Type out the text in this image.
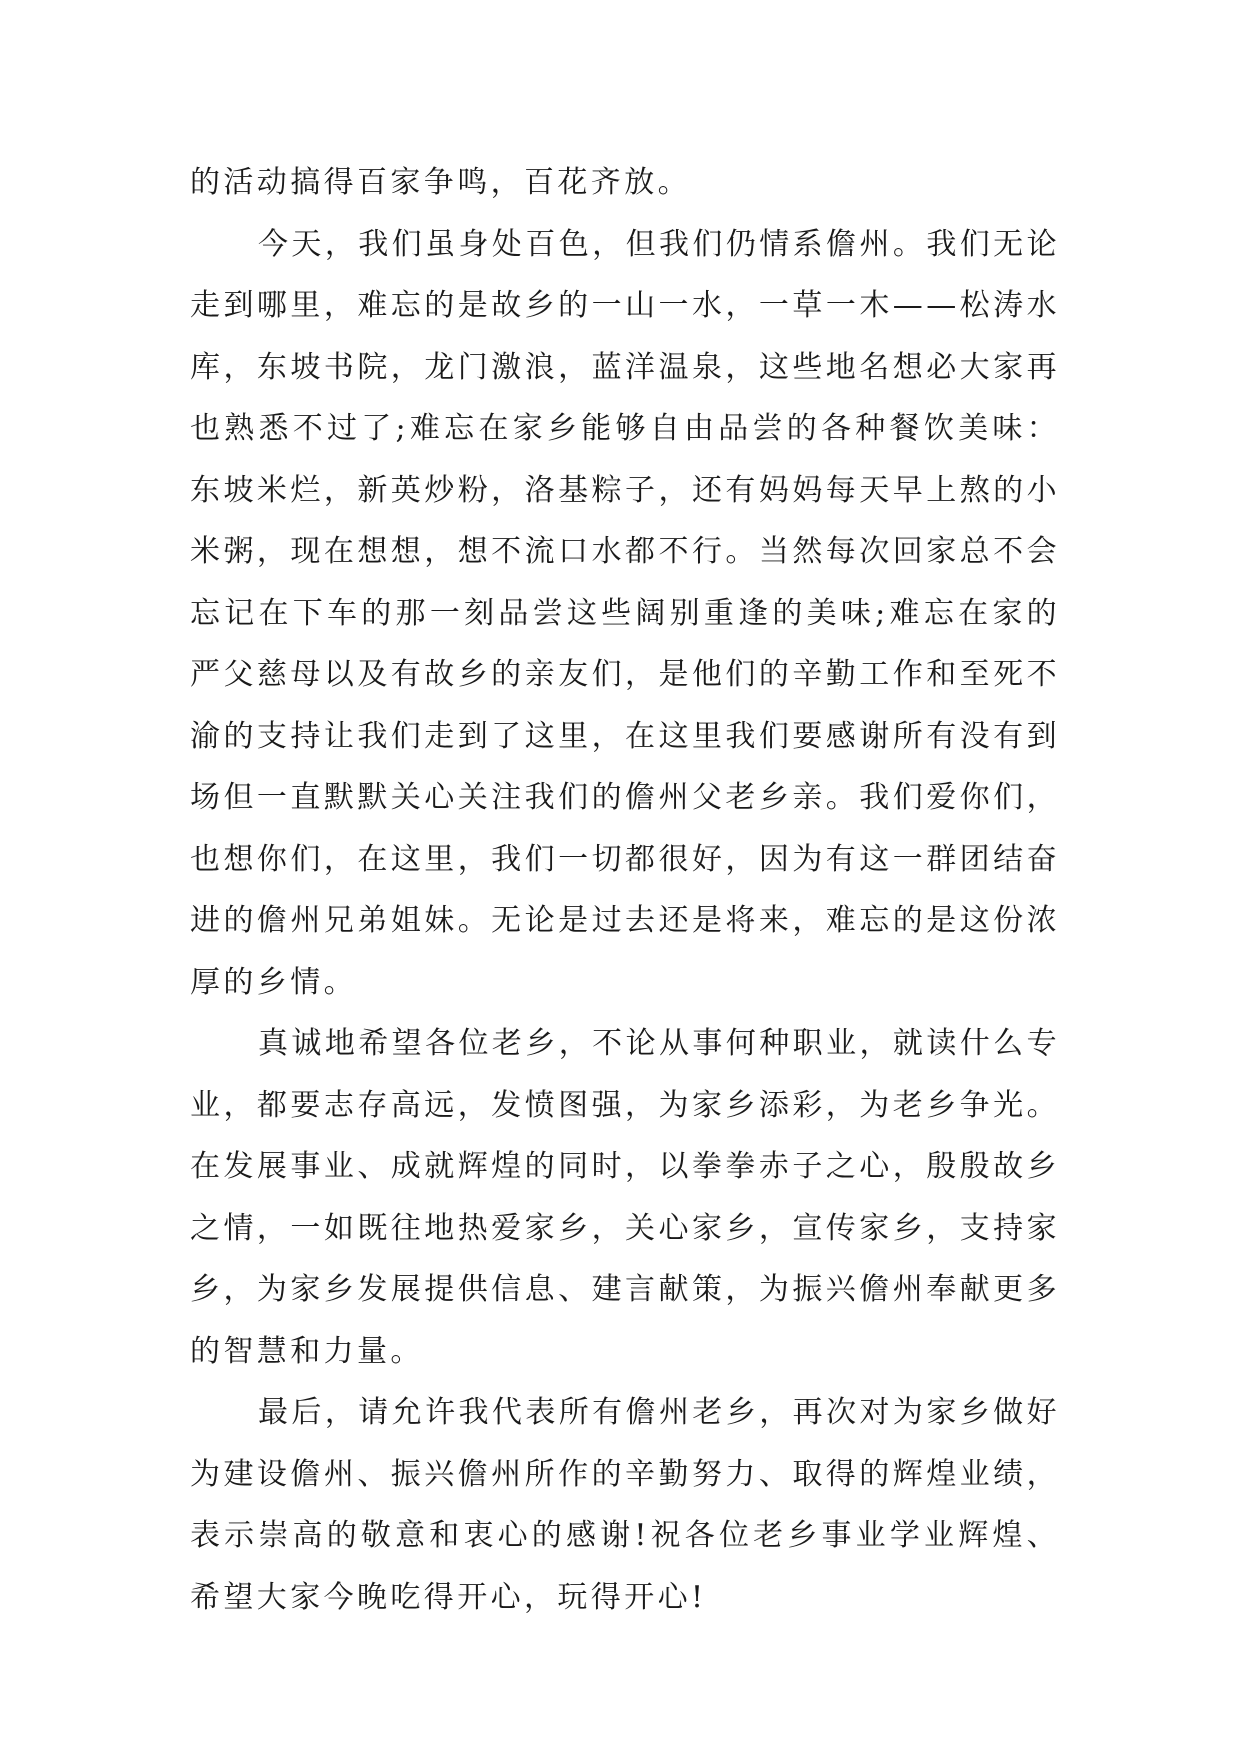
的活动搞得百家争鸣，百花齐放。

今天，我们虽身处百色，但我们仍情系儋州。我们无论走到哪里，难忘的是故乡的一山一水，一草一木——松涛水库，东坡书院，龙门激浪，蓝洋温泉，这些地名想必大家再也熟悉不过了;难忘在家乡能够自由品尝的各种餐饮美味：东坡米烂，新英炒粉，洛基粽子，还有妈妈每天早上熬的小米粥，现在想想，想不流口水都不行。当然每次回家总不会忘记在下车的那一刻品尝这些阔别重逢的美味;难忘在家的严父慈母以及有故乡的亲友们，是他们的辛勤工作和至死不渝的支持让我们走到了这里，在这里我们要感谢所有没有到场但一直默默关心关注我们的儋州父老乡亲。我们爱你们，也想你们，在这里，我们一切都很好，因为有这一群团结奋进的儋州兄弟姐妹。无论是过去还是将来，难忘的是这份浓厚的乡情。

真诚地希望各位老乡，不论从事何种职业，就读什么专业，都要志存高远，发愤图强，为家乡添彩，为老乡争光。在发展事业、成就辉煌的同时，以拳拳赤子之心，殷殷故乡之情，一如既往地热爱家乡，关心家乡，宣传家乡，支持家乡，为家乡发展提供信息、建言献策，为振兴儋州奉献更多的智慧和力量。

最后，请允许我代表所有儋州老乡，再次对为家乡做好为建设儋州、振兴儋州所作的辛勤努力、取得的辉煌业绩，表示崇高的敬意和衷心的感谢!祝各位老乡事业学业辉煌、希望大家今晚吃得开心，玩得开心!
